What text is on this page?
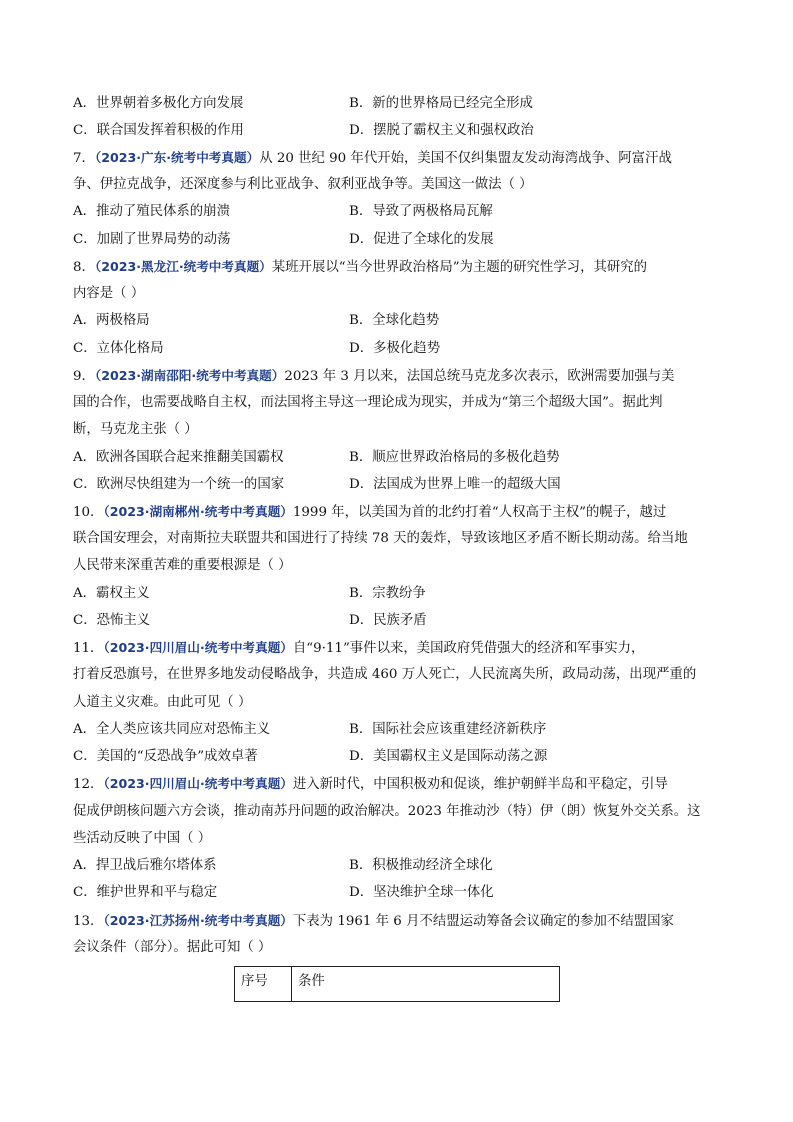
A．世界朝着多极化方向发展	B．新的世界格局已经完全形成
C．联合国发挥着积极的作用	D．摆脱了霸权主义和强权政治
7．（2023·广东·统考中考真题）从 20 世纪 90 年代开始，美国不仅纠集盟友发动海湾战争、阿富汗战
争、伊拉克战争，还深度参与利比亚战争、叙利亚战争等。美国这一做法（ ）
A．推动了殖民体系的崩溃	B．导致了两极格局瓦解
C．加剧了世界局势的动荡	D．促进了全球化的发展
8．（2023·黑龙江·统考中考真题）某班开展以“当今世界政治格局”为主题的研究性学习，其研究的
内容是（ ）
A．两极格局	B．全球化趋势
C．立体化格局	D．多极化趋势
9．（2023·湖南邵阳·统考中考真题）2023 年 3 月以来，法国总统马克龙多次表示，欧洲需要加强与美
国的合作，也需要战略自主权，而法国将主导这一理论成为现实，并成为“第三个超级大国”。据此判
断，马克龙主张（ ）
A．欧洲各国联合起来推翻美国霸权	B．顺应世界政治格局的多极化趋势
C．欧洲尽快组建为一个统一的国家	D．法国成为世界上唯一的超级大国
10．（2023·湖南郴州·统考中考真题）1999 年，以美国为首的北约打着“人权高于主权”的幌子，越过
联合国安理会，对南斯拉夫联盟共和国进行了持续 78 天的轰炸，导致该地区矛盾不断长期动荡。给当地
人民带来深重苦难的重要根源是（ ）
A．霸权主义	B．宗教纷争
C．恐怖主义	D．民族矛盾
11．（2023·四川眉山·统考中考真题）自“9·11”事件以来，美国政府凭借强大的经济和军事实力，
打着反恐旗号，在世界多地发动侵略战争，共造成 460 万人死亡，人民流离失所，政局动荡，出现严重的
人道主义灾难。由此可见（ ）
A．全人类应该共同应对恐怖主义	B．国际社会应该重建经济新秩序
C．美国的“反恐战争”成效卓著	D．美国霸权主义是国际动荡之源
12．（2023·四川眉山·统考中考真题）进入新时代，中国积极劝和促谈，维护朝鲜半岛和平稳定，引导
促成伊朗核问题六方会谈，推动南苏丹问题的政治解决。2023 年推动沙（特）伊（朗）恢复外交关系。这
些活动反映了中国（ ）
A．捍卫战后雅尔塔体系	B．积极推动经济全球化
C．维护世界和平与稳定	D．坚决维护全球一体化
13．（2023·江苏扬州·统考中考真题）下表为 1961 年 6 月不结盟运动筹备会议确定的参加不结盟国家
会议条件（部分）。据此可知（ ）
序号	条件
